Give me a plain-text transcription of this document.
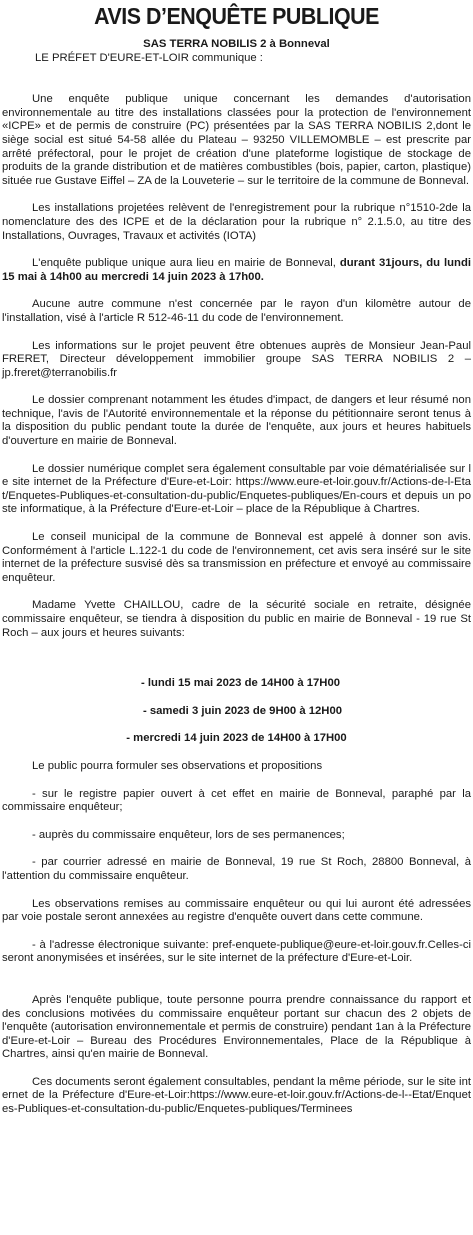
AVIS D’ENQUÊTE PUBLIQUE
SAS TERRA NOBILIS 2 à Bonneval
LE PRÉFET D'EURE-ET-LOIR communique :

Une enquête publique unique concernant les demandes d'autorisation environnementale au titre des installations classées pour la protection de l'environnement «ICPE» et de permis de construire (PC) présentées par la SAS TERRA NOBILIS 2,dont le siège social est situé 54-58 allée du Plateau – 93250 VILLEMOMBLE – est prescrite par arrêté préfectoral, pour le projet de création d'une plateforme logistique de stockage de produits de la grande distribution et de matières combustibles (bois, papier, carton, plastique) située rue Gustave Eiffel – ZA de la Louveterie – sur le territoire de la commune de Bonneval.

Les installations projetées relèvent de l'enregistrement pour la rubrique n°1510-2de la nomenclature des des ICPE et de la déclaration pour la rubrique n° 2.1.5.0, au titre des Installations, Ouvrages, Travaux et activités (IOTA)

L'enquête publique unique aura lieu en mairie de Bonneval, durant 31jours, du lundi 15 mai à 14h00 au mercredi 14 juin 2023 à 17h00.

Aucune autre commune n'est concernée par le rayon d'un kilomètre autour de l'installation, visé à l'article R 512-46-11 du code de l'environnement.

Les informations sur le projet peuvent être obtenues auprès de Monsieur Jean-Paul FRERET, Directeur développement immobilier groupe SAS TERRA NOBILIS 2 – jp.freret@terranobilis.fr

Le dossier comprenant notamment les études d'impact, de dangers et leur résumé non technique, l'avis de l'Autorité environnementale et la réponse du pétitionnaire seront tenus à la disposition du public pendant toute la durée de l'enquête, aux jours et heures habituels d'ouverture en mairie de Bonneval.

Le dossier numérique complet sera également consultable par voie dématérialisée sur le site internet de la Préfecture d'Eure-et-Loir: https://www.eure-et-loir.gouv.fr/Actions-de-l-Etat/Enquetes-Publiques-et-consultation-du-public/Enquetes-publiques/En-cours et depuis un poste informatique, à la Préfecture d'Eure-et-Loir – place de la République à Chartres.

Le conseil municipal de la commune de Bonneval est appelé à donner son avis. Conformément à l'article L.122-1 du code de l'environnement, cet avis sera inséré sur le site internet de la préfecture susvisé dès sa transmission en préfecture et envoyé au commissaire enquêteur.

Madame Yvette CHAILLOU, cadre de la sécurité sociale en retraite, désignée commissaire enquêteur, se tiendra à disposition du public en mairie de Bonneval - 19 rue St Roch – aux jours et heures suivants:

- lundi 15 mai 2023 de 14H00 à 17H00
- samedi 3 juin 2023 de 9H00 à 12H00
- mercredi 14 juin 2023 de 14H00 à 17H00

Le public pourra formuler ses observations et propositions

- sur le registre papier ouvert à cet effet en mairie de Bonneval, paraphé par la commissaire enquêteur;

- auprès du commissaire enquêteur, lors de ses permanences;

- par courrier adressé en mairie de Bonneval, 19 rue St Roch, 28800 Bonneval, à l'attention du commissaire enquêteur.

Les observations remises au commissaire enquêteur ou qui lui auront été adressées par voie postale seront annexées au registre d'enquête ouvert dans cette commune.

- à l'adresse électronique suivante: pref-enquete-publique@eure-et-loir.gouv.fr.Celles-ci seront anonymisées et insérées, sur le site internet de la préfecture d'Eure-et-Loir.

Après l'enquête publique, toute personne pourra prendre connaissance du rapport et des conclusions motivées du commissaire enquêteur portant sur chacun des 2 objets de l'enquête (autorisation environnementale et permis de construire) pendant 1an à la Préfecture d'Eure-et-Loir – Bureau des Procédures Environnementales, Place de la République à Chartres, ainsi qu'en mairie de Bonneval.

Ces documents seront également consultables, pendant la même période, sur le site internet de la Préfecture d'Eure-et-Loir:https://www.eure-et-loir.gouv.fr/Actions-de-l--Etat/Enquetes-Publiques-et-consultation-du-public/Enquetes-publiques/Terminees
